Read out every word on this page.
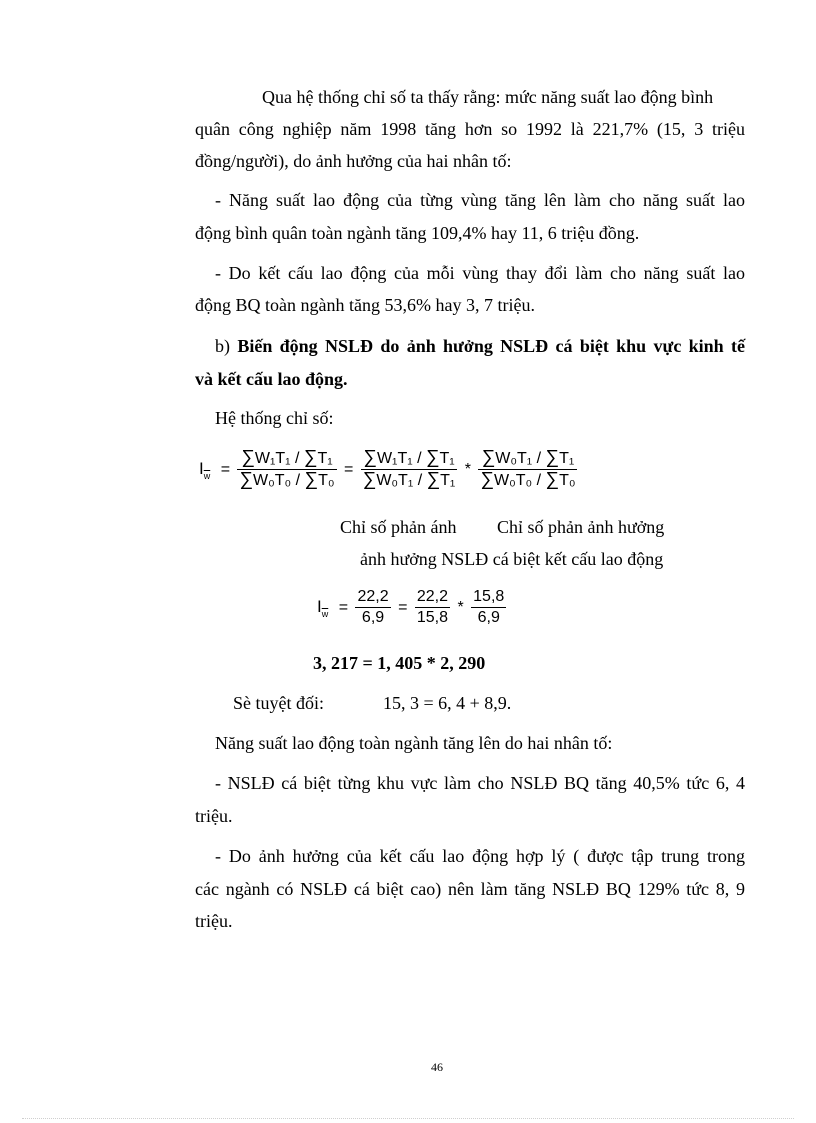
Qua hệ thống chỉ số ta thấy rằng: mức năng suất lao động bình
quân công nghiệp năm 1998 tăng hơn so 1992 là 221,7% (15, 3 triệu
đồng/người), do ảnh hưởng của hai nhân tố:
- Năng suất lao động của từng vùng tăng lên làm cho năng suất lao
động bình quân toàn ngành tăng 109,4% hay 11, 6 triệu đồng.
- Do kết cấu lao động của mỗi vùng thay đổi làm cho năng suất lao
động BQ toàn ngành tăng 53,6% hay 3, 7 triệu.
b) Biến động NSLĐ do ảnh hưởng NSLĐ cá biệt khu vực kinh tế
và kết cấu lao động.
Hệ thống chỉ số:
$I_{\overline{w}} = \frac{\text{∑W₁T₁ / ∑T₁}}{\text{∑W₀T₀ / ∑T₀}} = \frac{\text{∑W₁T₁ / ∑T₁}}{\text{∑W₀T₁ / ∑T₁}} * \frac{\text{∑W₀T₁ / ∑T₁}}{\text{∑W₀T₀ / ∑T₀}}$
Chỉ số phản ánh Chỉ số phản ảnh hưởng
ảnh hưởng NSLĐ cá biệt kết cấu lao động
$I_{\overline{w}} = \frac{22,2}{6,9} = \frac{22,2}{15,8} * \frac{15,8}{6,9}$
3, 217 = 1, 405 * 2, 290
Sè tuyệt đối:	15, 3 = 6, 4 + 8,9.
Năng suất lao động toàn ngành tăng lên do hai nhân tố:
- NSLĐ cá biệt từng khu vực làm cho NSLĐ BQ tăng 40,5% tức 6, 4
triệu.
- Do ảnh hưởng của kết cấu lao động hợp lý ( được tập trung trong
các ngành có NSLĐ cá biệt cao) nên làm tăng NSLĐ BQ 129% tức 8, 9
triệu.
46
